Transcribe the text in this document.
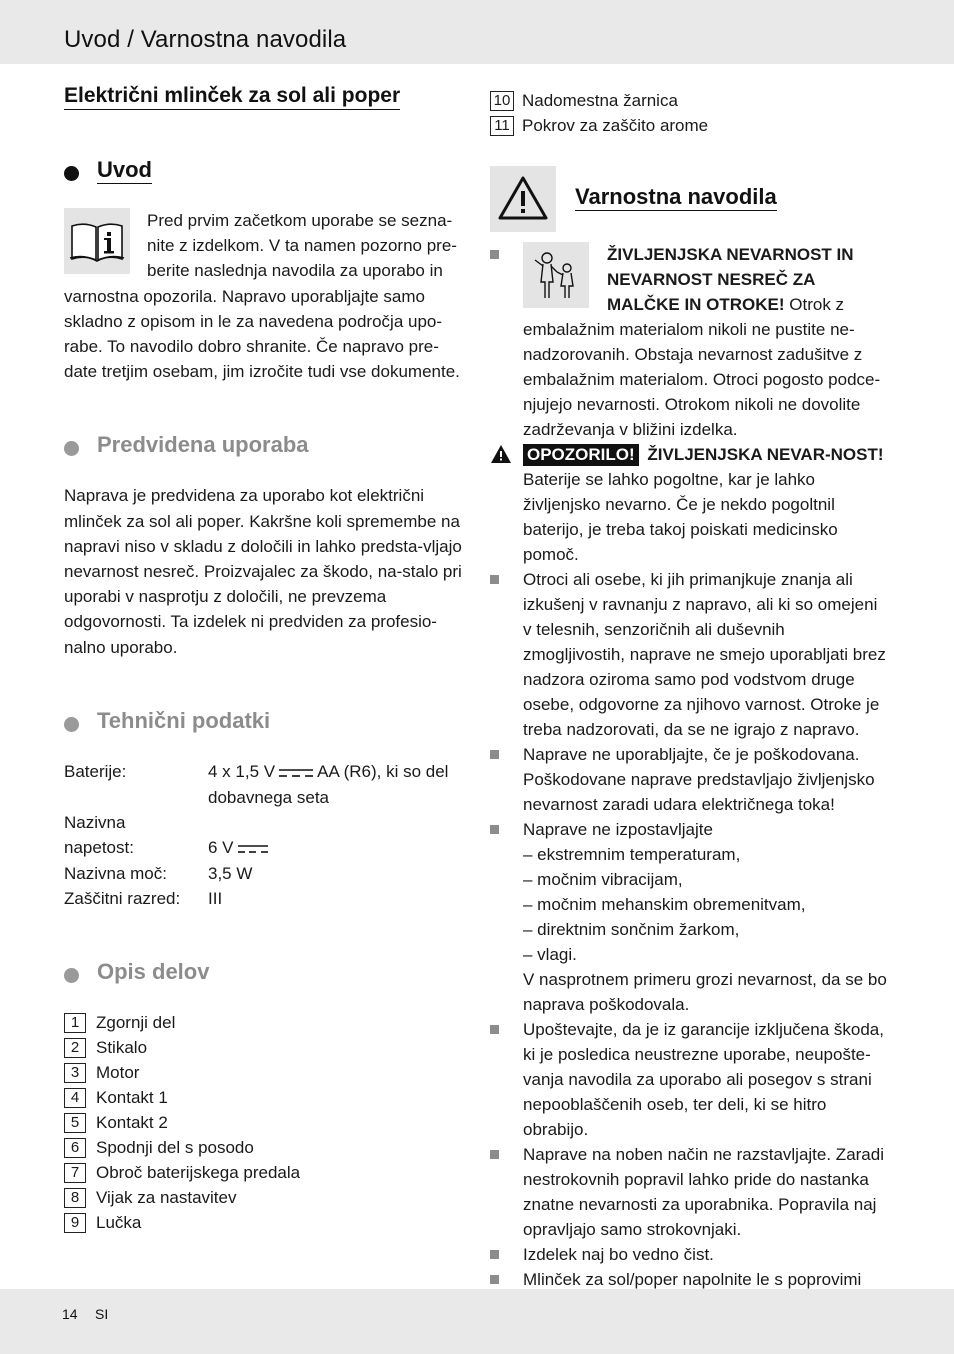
Uvod / Varnostna navodila
Električni mlinček za sol ali poper
Uvod
Pred prvim začetkom uporabe se sezna-nite z izdelkom. V ta namen pozorno pre-berite naslednja navodila za uporabo in varnostna opozorila. Napravo uporabljajte samo skladno z opisom in le za navedena področja upo-rabe. To navodilo dobro shranite. Če napravo pre-date tretjim osebam, jim izročite tudi vse dokumente.
Predvidena uporaba
Naprava je predvidena za uporabo kot električni mlinček za sol ali poper. Kakršne koli spremembe na napravi niso v skladu z določili in lahko predsta-vljajo nevarnost nesreč. Proizvajalec za škodo, na-stalo pri uporabi v nasprotju z določili, ne prevzema odgovornosti. Ta izdelek ni predviden za profesio-nalno uporabo.
Tehnični podatki
Baterije:	4 x 1,5 V AA (R6), ki so del
dobavnega seta
Nazivna
napetost:	6 V
Nazivna moč:	3,5 W
Zaščitni razred:	III
Opis delov
1 Zgornji del
2 Stikalo
3 Motor
4 Kontakt 1
5 Kontakt 2
6 Spodnji del s posodo
7 Obroč baterijskega predala
8 Vijak za nastavitev
9 Lučka
10 Nadomestna žarnica
11 Pokrov za zaščito arome
Varnostna navodila
ŽIVLJENJSKA NEVARNOST IN NEVARNOST NESREČ ZA MALČKE IN OTROKE! Otrok z embalažnim materialom nikoli ne pustite ne-nadzorovanih. Obstaja nevarnost zadušitve z embalažnim materialom. Otroci pogosto podce-njujejo nevarnosti. Otrokom nikoli ne dovolite zadrževanja v bližini izdelka.
OPOZORILO! ŽIVLJENJSKA NEVAR-NOST! Baterije se lahko pogoltne, kar je lahko življenjsko nevarno. Če je nekdo pogoltnil baterijo, je treba takoj poiskati medicinsko pomoč.
Otroci ali osebe, ki jih primanjkuje znanja ali izkušenj v ravnanju z napravo, ali ki so omejeni v telesnih, senzoričnih ali duševnih zmogljivostih, naprave ne smejo uporabljati brez nadzora oziroma samo pod vodstvom druge osebe, odgovorne za njihovo varnost. Otroke je treba nadzorovati, da se ne igrajo z napravo.
Naprave ne uporabljajte, če je poškodovana. Poškodovane naprave predstavljajo življenjsko nevarnost zaradi udara električnega toka!
Naprave ne izpostavljajte
– ekstremnim temperaturam,
– močnim vibracijam,
– močnim mehanskim obremenitvam,
– direktnim sončnim žarkom,
– vlagi.
V nasprotnem primeru grozi nevarnost, da se bo naprava poškodovala.
Upoštevajte, da je iz garancije izključena škoda, ki je posledica neustrezne uporabe, neupošte-vanja navodila za uporabo ali posegov s strani nepooblaščenih oseb, ter deli, ki se hitro obrabijo.
Naprave na noben način ne razstavljajte. Zaradi nestrokovnih popravil lahko pride do nastanka znatne nevarnosti za uporabnika. Popravila naj opravljajo samo strokovnjaki.
Izdelek naj bo vedno čist.
Mlinček za sol/poper napolnite le s poprovimi
14 SI
